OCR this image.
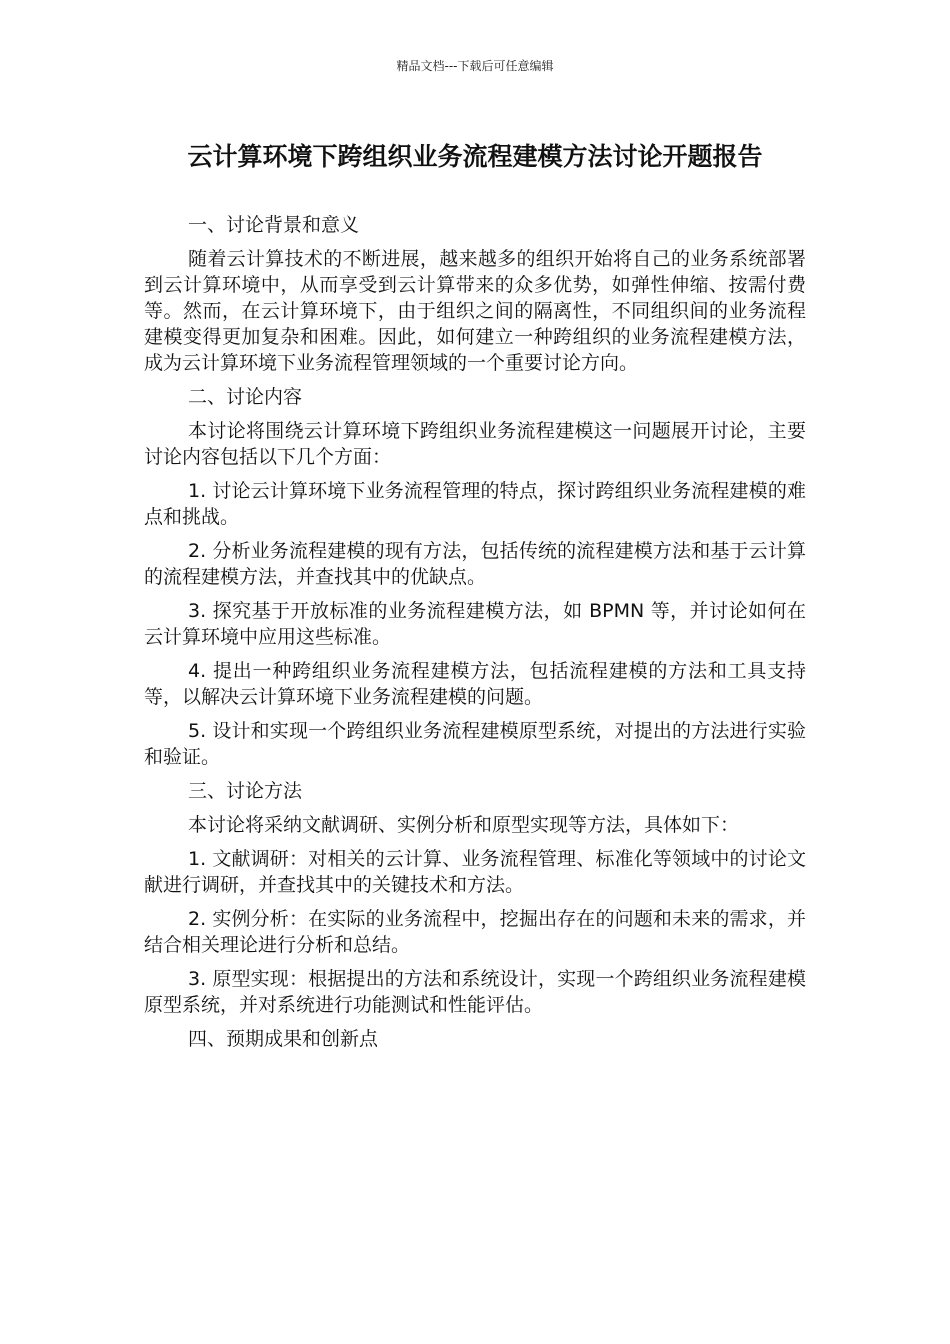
精品文档---下载后可任意编辑
云计算环境下跨组织业务流程建模方法讨论开题报告

一、讨论背景和意义

随着云计算技术的不断进展，越来越多的组织开始将自己的业务系统部署到云计算环境中，从而享受到云计算带来的众多优势，如弹性伸缩、按需付费等。然而，在云计算环境下，由于组织之间的隔离性，不同组织间的业务流程建模变得更加复杂和困难。因此，如何建立一种跨组织的业务流程建模方法，成为云计算环境下业务流程管理领域的一个重要讨论方向。

二、讨论内容

本讨论将围绕云计算环境下跨组织业务流程建模这一问题展开讨论，主要讨论内容包括以下几个方面：

1. 讨论云计算环境下业务流程管理的特点，探讨跨组织业务流程建模的难点和挑战。

2. 分析业务流程建模的现有方法，包括传统的流程建模方法和基于云计算的流程建模方法，并查找其中的优缺点。

3. 探究基于开放标准的业务流程建模方法，如 BPMN 等，并讨论如何在云计算环境中应用这些标准。

4. 提出一种跨组织业务流程建模方法，包括流程建模的方法和工具支持等，以解决云计算环境下业务流程建模的问题。

5. 设计和实现一个跨组织业务流程建模原型系统，对提出的方法进行实验和验证。

三、讨论方法

本讨论将采纳文献调研、实例分析和原型实现等方法，具体如下：

1. 文献调研：对相关的云计算、业务流程管理、标准化等领域中的讨论文献进行调研，并查找其中的关键技术和方法。

2. 实例分析：在实际的业务流程中，挖掘出存在的问题和未来的需求，并结合相关理论进行分析和总结。

3. 原型实现：根据提出的方法和系统设计，实现一个跨组织业务流程建模原型系统，并对系统进行功能测试和性能评估。

四、预期成果和创新点
